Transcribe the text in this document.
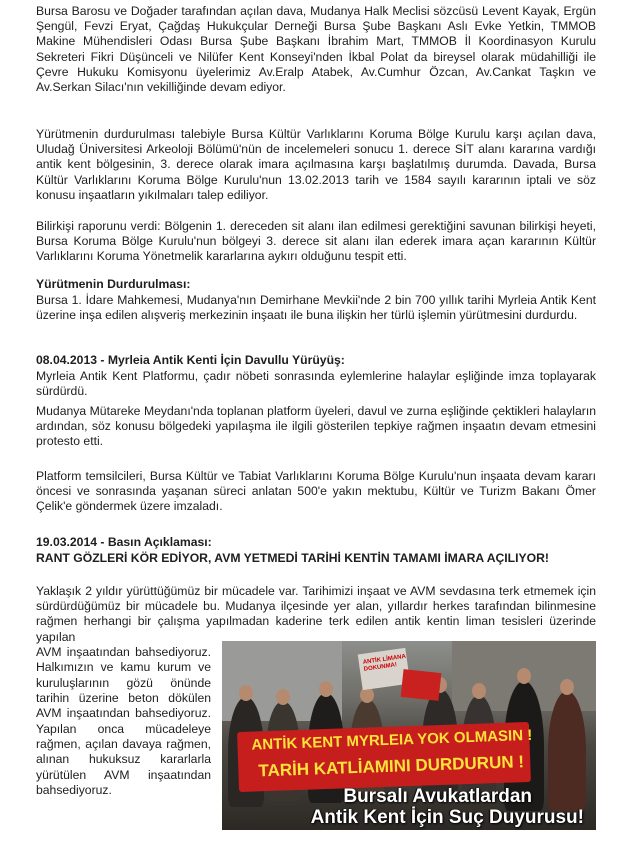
Bursa Barosu ve Doğader tarafından açılan dava, Mudanya Halk Meclisi sözcüsü Levent Kayak, Ergün Şengül, Fevzi Eryat, Çağdaş Hukukçular Derneği Bursa Şube Başkanı Aslı Evke Yetkin, TMMOB Makine Mühendisleri Odası Bursa Şube Başkanı İbrahim Mart, TMMOB İl Koordinasyon Kurulu Sekreteri Fikri Düşünceli ve Nilüfer Kent Konseyi'nden İkbal Polat da bireysel olarak müdahilliği ile Çevre Hukuku Komisyonu üyelerimiz Av.Eralp Atabek, Av.Cumhur Özcan, Av.Cankat Taşkın ve Av.Serkan Silacı'nın vekilliğinde devam ediyor.

Yürütmenin durdurulması talebiyle Bursa Kültür Varlıklarını Koruma Bölge Kurulu karşı açılan dava, Uludağ Üniversitesi Arkeoloji Bölümü'nün de incelemeleri sonucu 1. derece SİT alanı kararına vardığı antik kent bölgesinin, 3. derece olarak imara açılmasına karşı başlatılmış durumda. Davada, Bursa Kültür Varlıklarını Koruma Bölge Kurulu'nun 13.02.2013 tarih ve 1584 sayılı kararının iptali ve söz konusu inşaatların yıkılmaları talep ediliyor.

Bilirkişi raporunu verdi: Bölgenin 1. dereceden sit alanı ilan edilmesi gerektiğini savunan bilirkişi heyeti, Bursa Koruma Bölge Kurulu'nun bölgeyi 3. derece sit alanı ilan ederek imara açan kararının Kültür Varlıklarını Koruma Yönetmelik kararlarına aykırı olduğunu tespit etti.

Yürütmenin Durdurulması:

Bursa 1. İdare Mahkemesi, Mudanya'nın Demirhane Mevkii'nde 2 bin 700 yıllık tarihi Myrleia Antik Kent üzerine inşa edilen alışveriş merkezinin inşaatı ile buna ilişkin her türlü işlemin yürütmesini durdurdu.

08.04.2013 - Myrleia Antik Kenti İçin Davullu Yürüyüş:

Myrleia Antik Kent Platformu, çadır nöbeti sonrasında eylemlerine halaylar eşliğinde imza toplayarak sürdürdü.

Mudanya Mütareke Meydanı'nda toplanan platform üyeleri, davul ve zurna eşliğinde çektikleri halayların ardından, söz konusu bölgedeki yapılaşma ile ilgili gösterilen tepkiye rağmen inşaatın devam etmesini protesto etti.

Platform temsilcileri, Bursa Kültür ve Tabiat Varlıklarını Koruma Bölge Kurulu'nun inşaata devam kararı öncesi ve sonrasında yaşanan süreci anlatan 500'e yakın mektubu, Kültür ve Turizm Bakanı Ömer Çelik'e göndermek üzere imzaladı.

19.03.2014 - Basın Açıklaması:

RANT GÖZLERİ KÖR EDİYOR, AVM YETMEDİ TARİHİ KENTİN TAMAMI İMARA AÇILIYOR!

Yaklaşık 2 yıldır yürüttüğümüz bir mücadele var. Tarihimizi inşaat ve AVM sevdasına terk etmemek için sürdürdüğümüz bir mücadele bu. Mudanya ilçesinde yer alan, yıllardır herkes tarafından bilinmesine rağmen herhangi bir çalışma yapılmadan kaderine terk edilen antik kentin liman tesisleri üzerinde yapılan

AVM inşaatından bahsediyoruz. Halkımızın ve kamu kurum ve kuruluşlarının gözü önünde tarihin üzerine beton dökülen AVM inşaatından bahsediyoruz. Yapılan onca mücadeleye rağmen, açılan davaya rağmen, alınan hukuksuz kararlarla yürütülen AVM inşaatından bahsediyoruz.

ANTİK LİMANA DOKUNMA!
ANTİK KENT MYRLEIA YOK OLMASIN !
TARİH KATLİAMINI DURDURUN !
Bursalı Avukatlardan
Antik Kent İçin Suç Duyurusu!
